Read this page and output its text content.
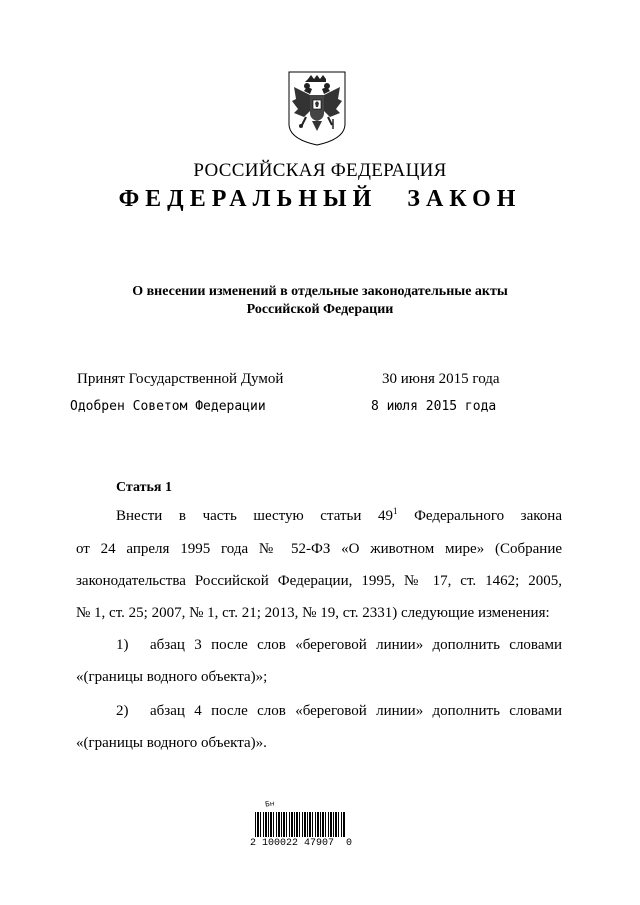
РОССИЙСКАЯ ФЕДЕРАЦИЯ
ФЕДЕРАЛЬНЫЙ ЗАКОН
О внесении изменений в отдельные законодательные акты
Российской Федерации
Принят Государственной Думой	30 июня 2015 года
Одобрен Советом Федерации	8 июля 2015 года
Статья 1
Внести в часть шестую статьи $49^1$ Федерального закона
от 24 апреля 1995 года № 52-ФЗ «О животном мире» (Собрание
законодательства Российской Федерации, 1995, № 17, ст. 1462; 2005,
№ 1, ст. 25; 2007, № 1, ст. 21; 2013, № 19, ст. 2331) следующие изменения:
1) абзац 3 после слов «береговой линии» дополнить словами
«(границы водного объекта)»;
2) абзац 4 после слов «береговой линии» дополнить словами
«(границы водного объекта)».
Бн
2 100022 47907  0
